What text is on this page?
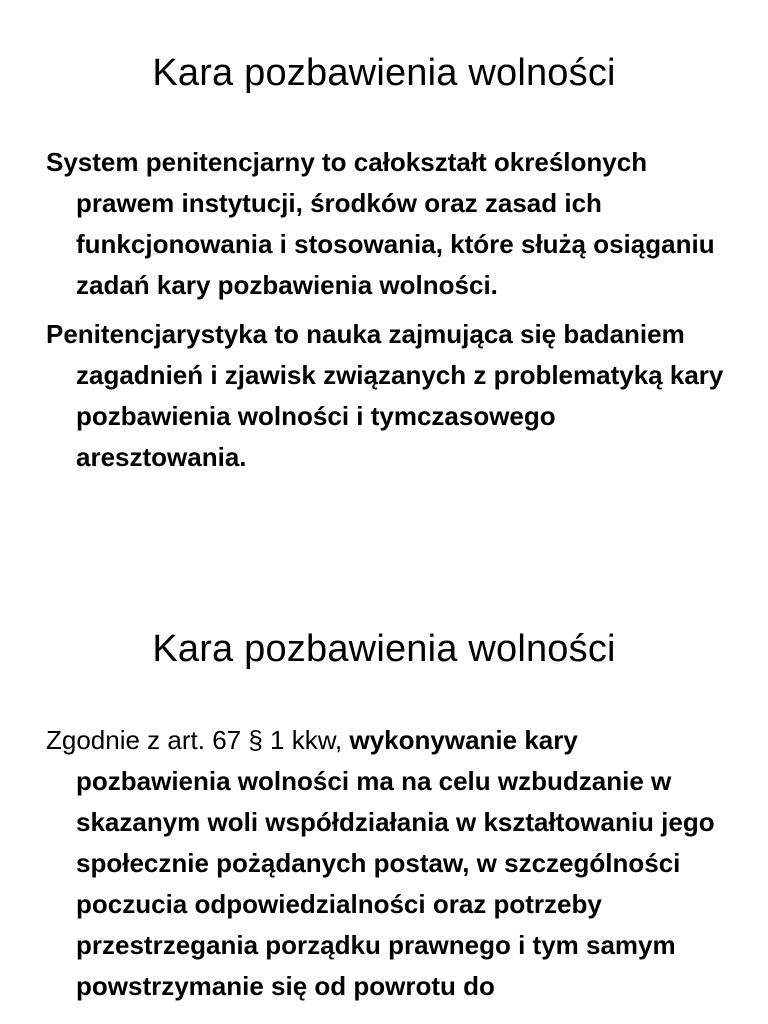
Kara pozbawienia wolności

System penitencjarny to całokształt określonych prawem instytucji, środków oraz zasad ich funkcjonowania i stosowania, które służą osiąganiu zadań kary pozbawienia wolności.

Penitencjarystyka to nauka zajmująca się badaniem zagadnień i zjawisk związanych z problematyką kary pozbawienia wolności i tymczasowego aresztowania.

Kara pozbawienia wolności

Zgodnie z art. 67 § 1 kkw, wykonywanie kary pozbawienia wolności ma na celu wzbudzanie w skazanym woli współdziałania w kształtowaniu jego społecznie pożądanych postaw, w szczególności poczucia odpowiedzialności oraz potrzeby przestrzegania porządku prawnego i tym samym powstrzymanie się od powrotu do
